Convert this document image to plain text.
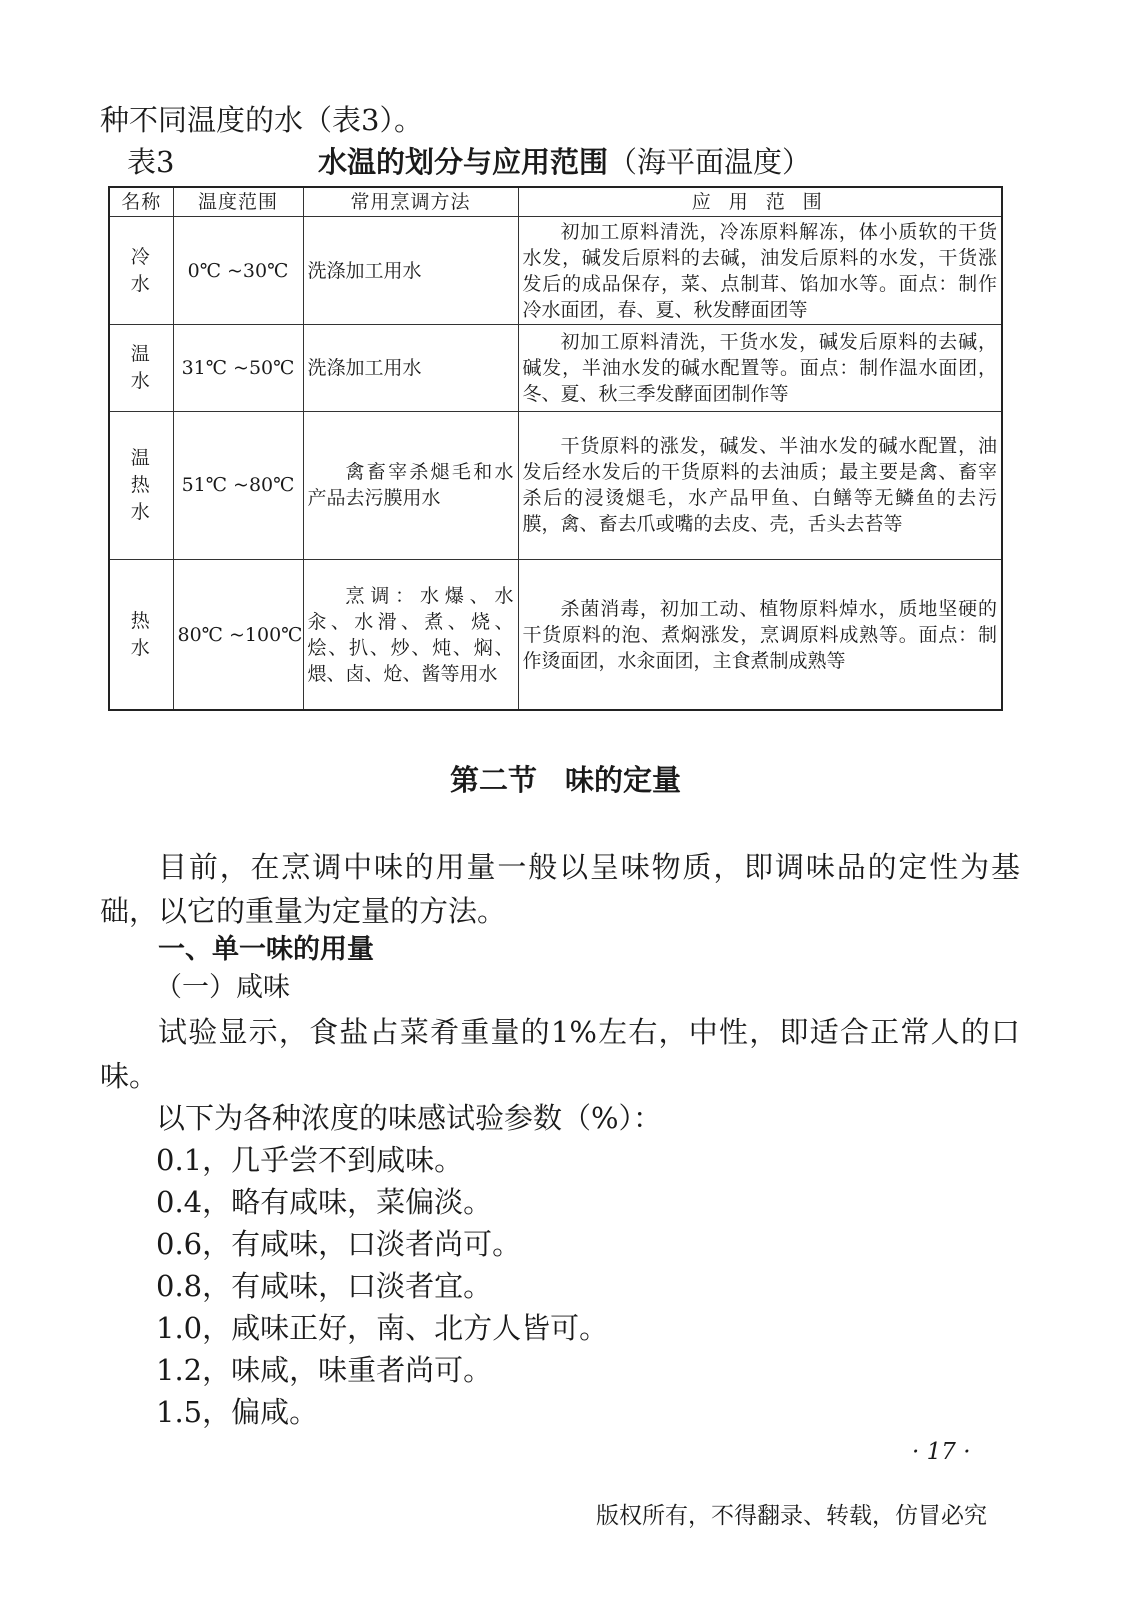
种不同温度的水（表3）。
表3	水温的划分与应用范围（海平面温度）
名称	温度范围	常用烹调方法	应 用 范 围

冷
水	0℃ ~30℃	洗涤加工用水	初加工原料清洗，冷冻原料解冻，体小质软的干货水发，碱发后原料的去碱，油发后原料的水发，干货涨发后的成品保存，菜、点制茸、馅加水等。面点：制作冷水面团，春、夏、秋发酵面团等

温
水	31℃ ~50℃	洗涤加工用水	初加工原料清洗，干货水发，碱发后原料的去碱，碱发，半油水发的碱水配置等。面点：制作温水面团，冬、夏、秋三季发酵面团制作等

温
热
水	51℃ ~80℃	禽畜宰杀煺毛和水产品去污膜用水	干货原料的涨发，碱发、半油水发的碱水配置，油发后经水发后的干货原料的去油质；最主要是禽、畜宰杀后的浸烫煺毛，水产品甲鱼、白鳝等无鳞鱼的去污膜，禽、畜去爪或嘴的去皮、壳，舌头去苔等

热
水	80℃ ~100℃	烹调：水爆、水汆、水滑、煮、烧、烩、扒、炒、炖、焖、煨、卤、炝、酱等用水	杀菌消毒，初加工动、植物原料焯水，质地坚硬的干货原料的泡、煮焖涨发，烹调原料成熟等。面点：制作烫面团，水汆面团，主食煮制成熟等
第二节 味的定量
目前，在烹调中味的用量一般以呈味物质，即调味品的定性为基础，以它的重量为定量的方法。
一、单一味的用量
（一）咸味
试验显示，食盐占菜肴重量的1%左右，中性，即适合正常人的口味。
以下为各种浓度的味感试验参数（%）：
0.1，几乎尝不到咸味。
0.4，略有咸味，菜偏淡。
0.6，有咸味，口淡者尚可。
0.8，有咸味，口淡者宜。
1.0，咸味正好，南、北方人皆可。
1.2，味咸，味重者尚可。
1.5，偏咸。
· 17 ·
版权所有，不得翻录、转载，仿冒必究
